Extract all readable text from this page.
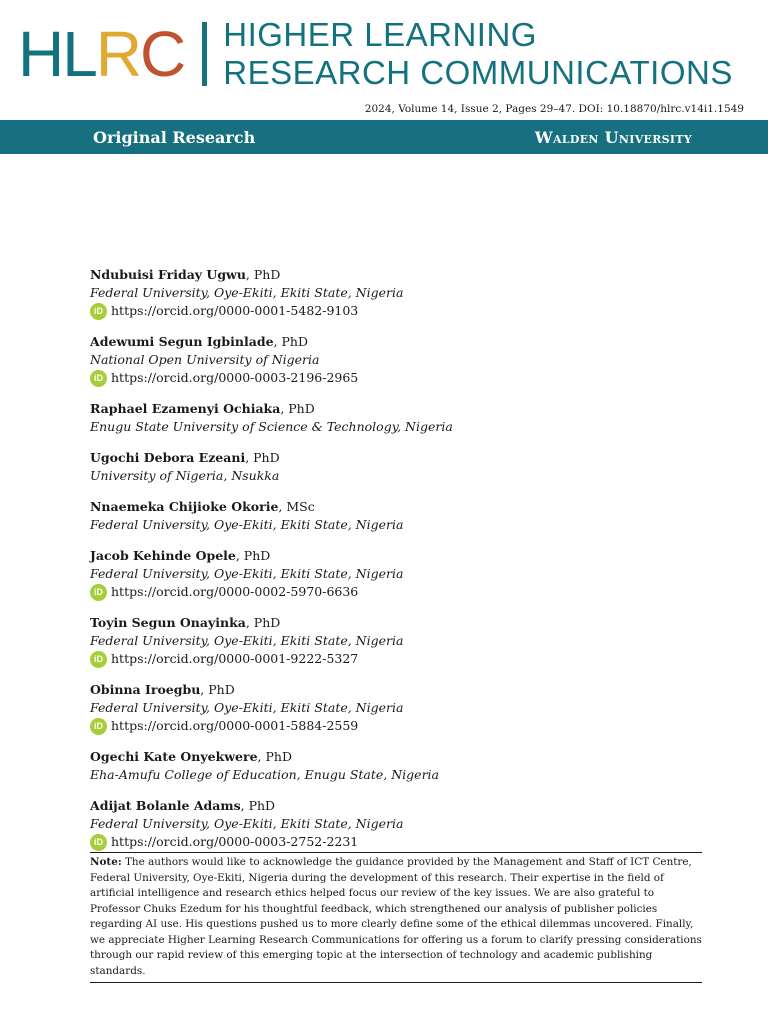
HLRC HIGHER LEARNING
RESEARCH COMMUNICATIONS
2024, Volume 14, Issue 2, Pages 29–47. DOI: 10.18870/hlrc.v14i1.1549
Original Research	Walden University
Ndubuisi Friday Ugwu, PhD
Federal University, Oye-Ekiti, Ekiti State, Nigeria
iD https://orcid.org/0000-0001-5482-9103
Adewumi Segun Igbinlade, PhD
National Open University of Nigeria
iD https://orcid.org/0000-0003-2196-2965
Raphael Ezamenyi Ochiaka, PhD
Enugu State University of Science & Technology, Nigeria
Ugochi Debora Ezeani, PhD
University of Nigeria, Nsukka
Nnaemeka Chijioke Okorie, MSc
Federal University, Oye-Ekiti, Ekiti State, Nigeria
Jacob Kehinde Opele, PhD
Federal University, Oye-Ekiti, Ekiti State, Nigeria
iD https://orcid.org/0000-0002-5970-6636
Toyin Segun Onayinka, PhD
Federal University, Oye-Ekiti, Ekiti State, Nigeria
iD https://orcid.org/0000-0001-9222-5327
Obinna Iroegbu, PhD
Federal University, Oye-Ekiti, Ekiti State, Nigeria
iD https://orcid.org/0000-0001-5884-2559
Ogechi Kate Onyekwere, PhD
Eha-Amufu College of Education, Enugu State, Nigeria
Adijat Bolanle Adams, PhD
Federal University, Oye-Ekiti, Ekiti State, Nigeria
iD https://orcid.org/0000-0003-2752-2231
Note: The authors would like to acknowledge the guidance provided by the Management and Staff of ICT Centre, Federal University, Oye-Ekiti, Nigeria during the development of this research. Their expertise in the field of artificial intelligence and research ethics helped focus our review of the key issues. We are also grateful to Professor Chuks Ezedum for his thoughtful feedback, which strengthened our analysis of publisher policies regarding AI use. His questions pushed us to more clearly define some of the ethical dilemmas uncovered. Finally, we appreciate Higher Learning Research Communications for offering us a forum to clarify pressing considerations through our rapid review of this emerging topic at the intersection of technology and academic publishing standards.
